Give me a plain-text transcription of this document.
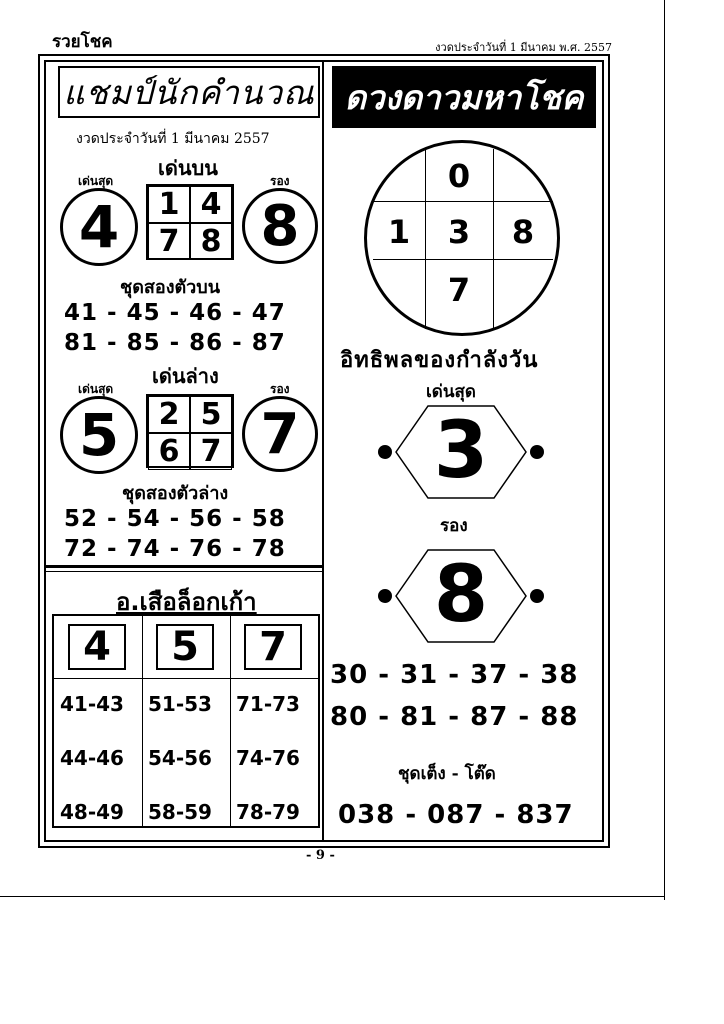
รวยโชค	งวดประจำวันที่ 1 มีนาคม พ.ศ. 2557
แชมป์นักคำนวณ
งวดประจำวันที่ 1 มีนาคม 2557
เด่นบน
เด่นสุด	รอง
4	1 4
7 8 8
ชุดสองตัวบน
41 - 45 - 46 - 47
81 - 85 - 86 - 87
เด่นล่าง
เด่นสุด	รอง
5	2 5
6 7 7
ชุดสองตัวล่าง
52 - 54 - 56 - 58
72 - 74 - 76 - 78
อ.เสือล็อกเก้า
4	5	7
41-43 51-53 71-73
44-46 54-56 74-76
48-49 58-59 78-79
ดวงดาวมหาโชค
0
1 3 8
7
อิทธิพลของกำลังวัน
เด่นสุด
3
รอง
8
30 - 31 - 37 - 38
80 - 81 - 87 - 88
ชุดเต็ง - โต๊ด
038 - 087 - 837
- 9 -
